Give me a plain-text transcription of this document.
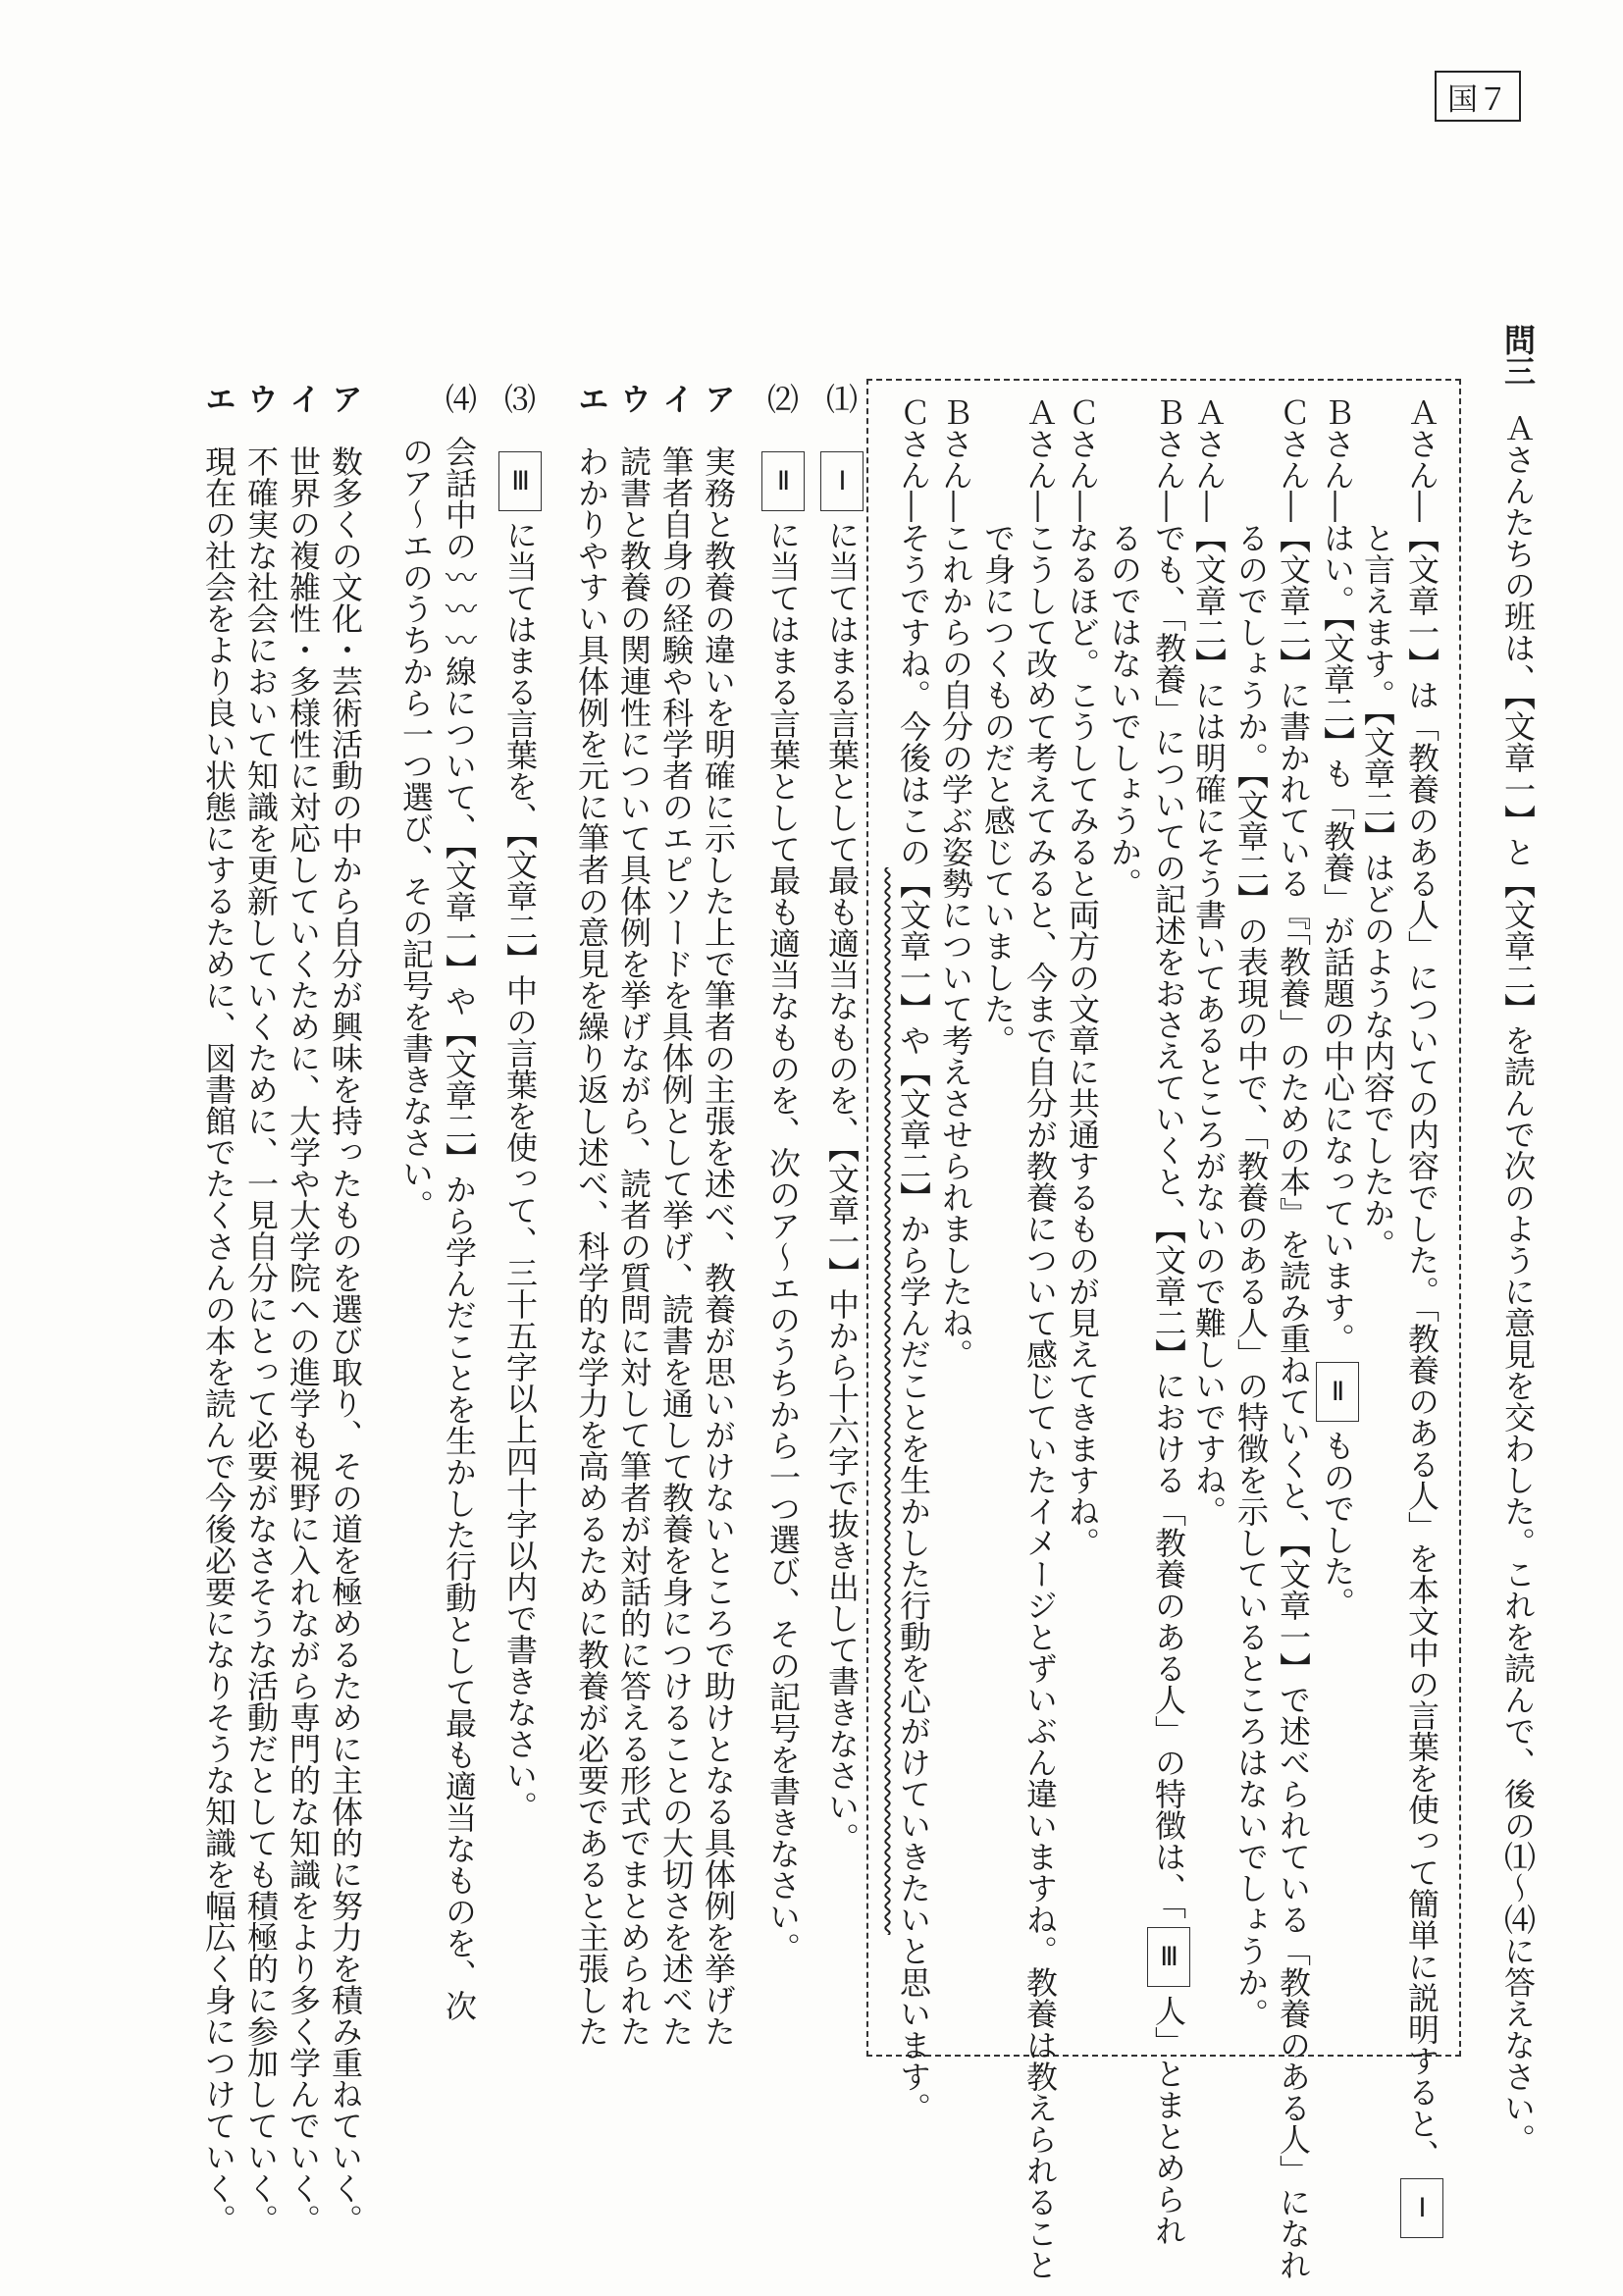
国７
問三
Ａさんたちの班は、【文章一】と【文章二】を読んで次のように意見を交わした。これを読んで、後の⑴〜⑷に答えなさい。
Ａさん―【文章一】は「教養のある人」についての内容でした。「教養のある人」を本文中の言葉を使って簡単に説明すると、Ⅰ
と言えます。【文章二】はどのような内容でしたか。
Ｂさん―はい。【文章二】も「教養」が話題の中心になっています。Ⅱものでした。
Ｃさん―【文章二】に書かれている『「教養」のための本』を読み重ねていくと、【文章一】で述べられている「教養のある人」になれ
るのでしょうか。【文章二】の表現の中で、「教養のある人」の特徴を示しているところはないでしょうか。
Ａさん―【文章二】には明確にそう書いてあるところがないので難しいですね。
Ｂさん―でも、「教養」についての記述をおさえていくと、【文章二】における「教養のある人」の特徴は、「Ⅲ人」とまとめられ
るのではないでしょうか。
Ｃさん―なるほど。こうしてみると両方の文章に共通するものが見えてきますね。
Ａさん―こうして改めて考えてみると、今まで自分が教養について感じていたイメージとずいぶん違いますね。教養は教えられること
で身につくものだと感じていました。
Ｂさん―これからの自分の学ぶ姿勢について考えさせられましたね。
Ｃさん―そうですね。今後はこの【文章一】や【文章二】から学んだことを生かした行動を心がけていきたいと思います。
⑴
Ⅰに当てはまる言葉として最も適当なものを、【文章一】中から十六字で抜き出して書きなさい。
⑵
Ⅱに当てはまる言葉として最も適当なものを、次のア〜エのうちから一つ選び、その記号を書きなさい。
ア　実務と教養の違いを明確に示した上で筆者の主張を述べ、教養が思いがけないところで助けとなる具体例を挙げた
イ　筆者自身の経験や科学者のエピソードを具体例として挙げ、読書を通して教養を身につけることの大切さを述べた
ウ　読書と教養の関連性について具体例を挙げながら、読者の質問に対して筆者が対話的に答える形式でまとめられた
エ　わかりやすい具体例を元に筆者の意見を繰り返し述べ、科学的な学力を高めるために教養が必要であると主張した
⑶
Ⅲに当てはまる言葉を、【文章二】中の言葉を使って、三十五字以上四十字以内で書きなさい。
⑷
会話中の〰〰〰線について、【文章一】や【文章二】から学んだことを生かした行動として最も適当なものを、次のア〜エのうちから一つ選び、その記号を書きなさい。
ア　数多くの文化・芸術活動の中から自分が興味を持ったものを選び取り、その道を極めるために主体的に努力を積み重ねていく。
イ　世界の複雑性・多様性に対応していくために、大学や大学院への進学も視野に入れながら専門的な知識をより多く学んでいく。
ウ　不確実な社会において知識を更新していくために、一見自分にとって必要がなさそうな活動だとしても積極的に参加していく。
エ　現在の社会をより良い状態にするために、図書館でたくさんの本を読んで今後必要になりそうな知識を幅広く身につけていく。
